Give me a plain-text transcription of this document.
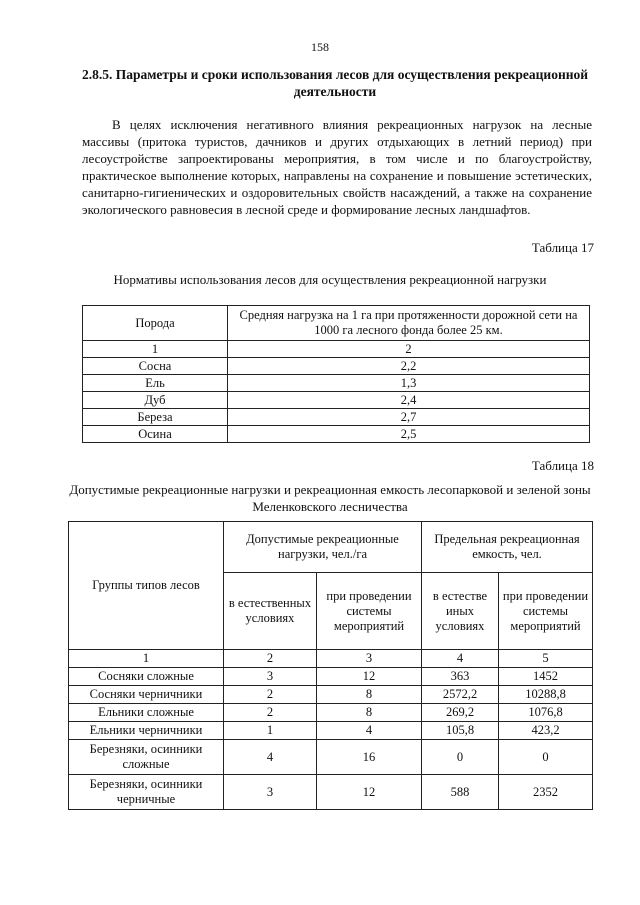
158
2.8.5. Параметры и сроки использования лесов для осуществления рекреационной деятельности
В целях исключения негативного влияния рекреационных нагрузок на лесные массивы (притока туристов, дачников и других отдыхающих в летний период) при лесоустройстве запроектированы мероприятия, в том числе и по благоустройству, практическое выполнение которых, направлены на сохранение и повышение эстетических, санитарно-гигиенических и оздоровительных свойств насаждений, а также на сохранение экологического равновесия в лесной среде и формирование лесных ландшафтов.
Таблица 17
Нормативы использования лесов для осуществления рекреационной нагрузки
Порода	Средняя нагрузка на 1 га при протяженности дорожной сети на 1000 га лесного фонда более 25 км.
1	2
Сосна	2,2
Ель	1,3
Дуб	2,4
Береза	2,7
Осина	2,5
Таблица 18
Допустимые рекреационные нагрузки и рекреационная емкость лесопарковой и зеленой зоны Меленковского лесничества
Группы типов лесов	Допустимые рекреационные нагрузки, чел./га		Предельная рекреационная емкость, чел.	
	в естественных условиях	при проведении системы мероприятий	в естестве иных условиях	при проведении системы мероприятий
1	2	3	4	5
Сосняки сложные	3	12	363	1452
Сосняки черничники	2	8	2572,2	10288,8
Ельники сложные	2	8	269,2	1076,8
Ельники черничники	1	4	105,8	423,2
Березняки, осинники сложные	4	16	0	0
Березняки, осинники черничные	3	12	588	2352
